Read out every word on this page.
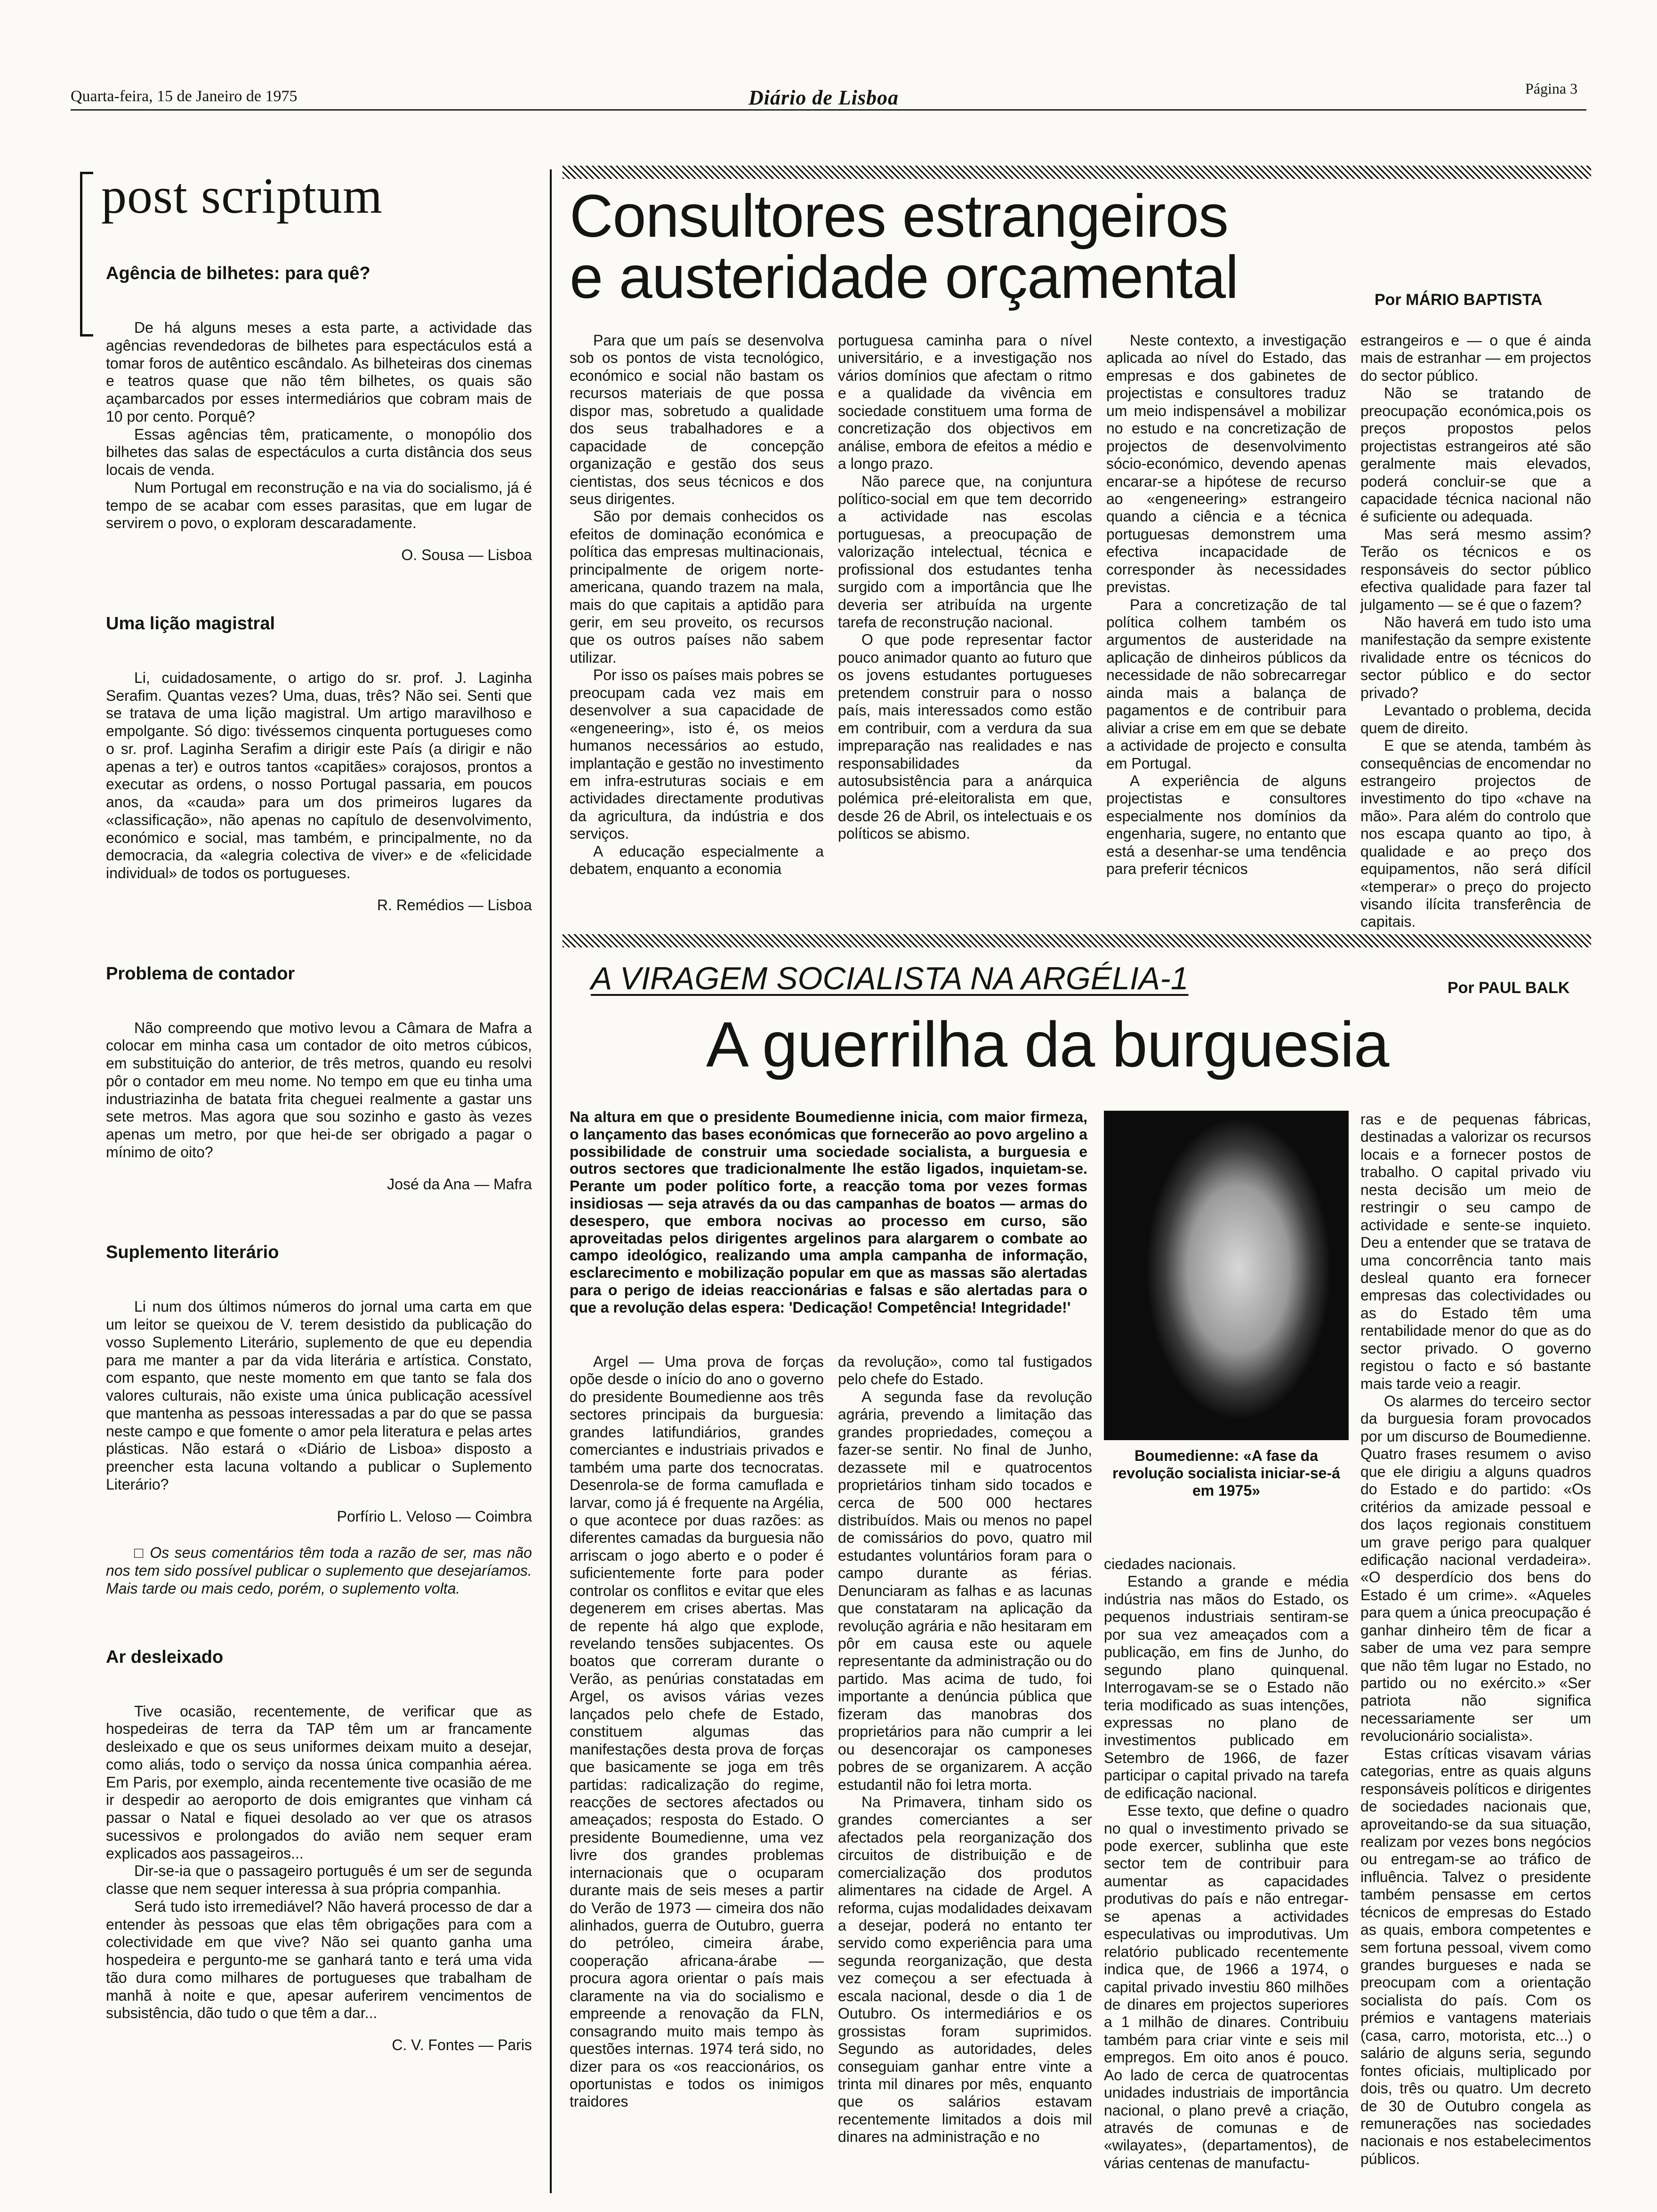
Quarta-feira, 15 de Janeiro de 1975	Diário de Lisboa	Página 3
post scriptum
Agência de bilhetes: para quê?

De há alguns meses a esta parte, a actividade das agências revendedoras de bilhetes para espectáculos está a tomar foros de autêntico escândalo. As bilheteiras dos cinemas e teatros quase que não têm bilhetes, os quais são açambarcados por esses intermediários que cobram mais de 10 por cento. Porquê?

Essas agências têm, praticamente, o monopólio dos bilhetes das salas de espectáculos a curta distância dos seus locais de venda.

Num Portugal em reconstrução e na via do socialismo, já é tempo de se acabar com esses parasitas, que em lugar de servirem o povo, o exploram descaradamente.

O. Sousa — Lisboa

Uma lição magistral

Li, cuidadosamente, o artigo do sr. prof. J. Laginha Serafim. Quantas vezes? Uma, duas, três? Não sei. Senti que se tratava de uma lição magistral. Um artigo maravilhoso e empolgante. Só digo: tivéssemos cinquenta portugueses como o sr. prof. Laginha Serafim a dirigir este País (a dirigir e não apenas a ter) e outros tantos «capitães» corajosos, prontos a executar as ordens, o nosso Portugal passaria, em poucos anos, da «cauda» para um dos primeiros lugares da «classificação», não apenas no capítulo de desenvolvimento, económico e social, mas também, e principalmente, no da democracia, da «alegria colectiva de viver» e de «felicidade individual» de todos os portugueses.

R. Remédios — Lisboa

Problema de contador

Não compreendo que motivo levou a Câmara de Mafra a colocar em minha casa um contador de oito metros cúbicos, em substituição do anterior, de três metros, quando eu resolvi pôr o contador em meu nome. No tempo em que eu tinha uma industriazinha de batata frita cheguei realmente a gastar uns sete metros. Mas agora que sou sozinho e gasto às vezes apenas um metro, por que hei-de ser obrigado a pagar o mínimo de oito?

José da Ana — Mafra

Suplemento literário

Li num dos últimos números do jornal uma carta em que um leitor se queixou de V. terem desistido da publicação do vosso Suplemento Literário, suplemento de que eu dependia para me manter a par da vida literária e artística. Constato, com espanto, que neste momento em que tanto se fala dos valores culturais, não existe uma única publicação acessível que mantenha as pessoas interessadas a par do que se passa neste campo e que fomente o amor pela literatura e pelas artes plásticas. Não estará o «Diário de Lisboa» disposto a preencher esta lacuna voltando a publicar o Suplemento Literário?

Porfírio L. Veloso — Coimbra

□ Os seus comentários têm toda a razão de ser, mas não nos tem sido possível publicar o suplemento que desejaríamos. Mais tarde ou mais cedo, porém, o suplemento volta.

Ar desleixado

Tive ocasião, recentemente, de verificar que as hospedeiras de terra da TAP têm um ar francamente desleixado e que os seus uniformes deixam muito a desejar, como aliás, todo o serviço da nossa única companhia aérea. Em Paris, por exemplo, ainda recentemente tive ocasião de me ir despedir ao aeroporto de dois emigrantes que vinham cá passar o Natal e fiquei desolado ao ver que os atrasos sucessivos e prolongados do avião nem sequer eram explicados aos passageiros...

Dir-se-ia que o passageiro português é um ser de segunda classe que nem sequer interessa à sua própria companhia.

Será tudo isto irremediável? Não haverá processo de dar a entender às pessoas que elas têm obrigações para com a colectividade em que vive? Não sei quanto ganha uma hospedeira e pergunto-me se ganhará tanto e terá uma vida tão dura como milhares de portugueses que trabalham de manhã à noite e que, apesar auferirem vencimentos de subsistência, dão tudo o que têm a dar...

C. V. Fontes — Paris

Consultores estrangeiros
e austeridade orçamental	Por MÁRIO BAPTISTA

Para que um país se desenvolva sob os pontos de vista tecnológico, económico e social não bastam os recursos materiais de que possa dispor mas, sobretudo a qualidade dos seus trabalhadores e a capacidade de concepção organização e gestão dos seus cientistas, dos seus técnicos e dos seus dirigentes.

São por demais conhecidos os efeitos de dominação económica e política das empresas multinacionais, principalmente de origem norte-americana, quando trazem na mala, mais do que capitais a aptidão para gerir, em seu proveito, os recursos que os outros países não sabem utilizar.

Por isso os países mais pobres se preocupam cada vez mais em desenvolver a sua capacidade de «engeneering», isto é, os meios humanos necessários ao estudo, implantação e gestão no investimento em infra-estruturas sociais e em actividades directamente produtivas da agricultura, da indústria e dos serviços.

A educação especialmente a debatem, enquanto a economia

portuguesa caminha para o nível universitário, e a investigação nos vários domínios que afectam o ritmo e a qualidade da vivência em sociedade constituem uma forma de concretização dos objectivos em análise, embora de efeitos a médio e a longo prazo.

Não parece que, na conjuntura político-social em que tem decorrido a actividade nas escolas portuguesas, a preocupação de valorização intelectual, técnica e profissional dos estudantes tenha surgido com a importância que lhe deveria ser atribuída na urgente tarefa de reconstrução nacional.

O que pode representar factor pouco animador quanto ao futuro que os jovens estudantes portugueses pretendem construir para o nosso país, mais interessados como estão em contribuir, com a verdura da sua impreparação nas realidades e nas responsabilidades da autosubsistência para a anárquica polémica pré-eleitoralista em que, desde 26 de Abril, os intelectuais e os políticos se abismo.

Neste contexto, a investigação aplicada ao nível do Estado, das empresas e dos gabinetes de projectistas e consultores traduz um meio indispensável a mobilizar no estudo e na concretização de projectos de desenvolvimento sócio-económico, devendo apenas encarar-se a hipótese de recurso ao «engeneering» estrangeiro quando a ciência e a técnica portuguesas demonstrem uma efectiva incapacidade de corresponder às necessidades previstas.

Para a concretização de tal política colhem também os argumentos de austeridade na aplicação de dinheiros públicos da necessidade de não sobrecarregar ainda mais a balança de pagamentos e de contribuir para aliviar a crise em em que se debate a actividade de projecto e consulta em Portugal.

A experiência de alguns projectistas e consultores especialmente nos domínios da engenharia, sugere, no entanto que está a desenhar-se uma tendência para preferir técnicos

estrangeiros e — o que é ainda mais de estranhar — em projectos do sector público.

Não se tratando de preocupação económica,pois os preços propostos pelos projectistas estrangeiros até são geralmente mais elevados, poderá concluir-se que a capacidade técnica nacional não é suficiente ou adequada.

Mas será mesmo assim? Terão os técnicos e os responsáveis do sector público efectiva qualidade para fazer tal julgamento — se é que o fazem?

Não haverá em tudo isto uma manifestação da sempre existente rivalidade entre os técnicos do sector público e do sector privado?

Levantado o problema, decida quem de direito.

E que se atenda, também às consequências de encomendar no estrangeiro projectos de investimento do tipo «chave na mão». Para além do controlo que nos escapa quanto ao tipo, à qualidade e ao preço dos equipamentos, não será difícil «temperar» o preço do projecto visando ilícita transferência de capitais.

A VIRAGEM SOCIALISTA NA ARGÉLIA-1	Por PAUL BALK
A guerrilha da burguesia
Na altura em que o presidente Boumedienne inicia, com maior firmeza, o lançamento das bases económicas que fornecerão ao povo argelino a possibilidade de construir uma sociedade socialista, a burguesia e outros sectores que tradicionalmente lhe estão ligados, inquietam-se. Perante um poder político forte, a reacção toma por vezes formas insidiosas — seja através da ou das campanhas de boatos — armas do desespero, que embora nocivas ao processo em curso, são aproveitadas pelos dirigentes argelinos para alargarem o combate ao campo ideológico, realizando uma ampla campanha de informação, esclarecimento e mobilização popular em que as massas são alertadas para o perigo de ideias reaccionárias e falsas e são alertadas para o que a revolução delas espera: 'Dedicação! Competência! Integridade!'
Boumedienne: «A fase da revolução socialista iniciar-se-á em 1975»

Argel — Uma prova de forças opõe desde o início do ano o governo do presidente Boumedienne aos três sectores principais da burguesia: grandes latifundiários, grandes comerciantes e industriais privados e também uma parte dos tecnocratas. Desenrola-se de forma camuflada e larvar, como já é frequente na Argélia, o que acontece por duas razões: as diferentes camadas da burguesia não arriscam o jogo aberto e o poder é suficientemente forte para poder controlar os conflitos e evitar que eles degenerem em crises abertas. Mas de repente há algo que explode, revelando tensões subjacentes. Os boatos que correram durante o Verão, as penúrias constatadas em Argel, os avisos várias vezes lançados pelo chefe de Estado, constituem algumas das manifestações desta prova de forças que basicamente se joga em três partidas: radicalização do regime, reacções de sectores afectados ou ameaçados; resposta do Estado. O presidente Boumedienne, uma vez livre dos grandes problemas internacionais que o ocuparam durante mais de seis meses a partir do Verão de 1973 — cimeira dos não alinhados, guerra de Outubro, guerra do petróleo, cimeira árabe, cooperação africana-árabe — procura agora orientar o país mais claramente na via do socialismo e empreende a renovação da FLN, consagrando muito mais tempo às questões internas. 1974 terá sido, no dizer para os «os reaccionários, os oportunistas e todos os inimigos traidores

da revolução», como tal fustigados pelo chefe do Estado.

A segunda fase da revolução agrária, prevendo a limitação das grandes propriedades, começou a fazer-se sentir. No final de Junho, dezassete mil e quatrocentos proprietários tinham sido tocados e cerca de 500 000 hectares distribuídos. Mais ou menos no papel de comissários do povo, quatro mil estudantes voluntários foram para o campo durante as férias. Denunciaram as falhas e as lacunas que constataram na aplicação da revolução agrária e não hesitaram em pôr em causa este ou aquele representante da administração ou do partido. Mas acima de tudo, foi importante a denúncia pública que fizeram das manobras dos proprietários para não cumprir a lei ou desencorajar os camponeses pobres de se organizarem. A acção estudantil não foi letra morta.

Na Primavera, tinham sido os grandes comerciantes a ser afectados pela reorganização dos circuitos de distribuição e de comercialização dos produtos alimentares na cidade de Argel. A reforma, cujas modalidades deixavam a desejar, poderá no entanto ter servido como experiência para uma segunda reorganização, que desta vez começou a ser efectuada à escala nacional, desde o dia 1 de Outubro. Os intermediários e os grossistas foram suprimidos. Segundo as autoridades, deles conseguiam ganhar entre vinte a trinta mil dinares por mês, enquanto que os salários estavam recentemente limitados a dois mil dinares na administração e no

ciedades nacionais.

Estando a grande e média indústria nas mãos do Estado, os pequenos industriais sentiram-se por sua vez ameaçados com a publicação, em fins de Junho, do segundo plano quinquenal. Interrogavam-se se o Estado não teria modificado as suas intenções, expressas no plano de investimentos publicado em Setembro de 1966, de fazer participar o capital privado na tarefa de edificação nacional.

Esse texto, que define o quadro no qual o investimento privado se pode exercer, sublinha que este sector tem de contribuir para aumentar as capacidades produtivas do país e não entregar-se apenas a actividades especulativas ou improdutivas. Um relatório publicado recentemente indica que, de 1966 a 1974, o capital privado investiu 860 milhões de dinares em projectos superiores a 1 milhão de dinares. Contribuiu também para criar vinte e seis mil empregos. Em oito anos é pouco. Ao lado de cerca de quatrocentas unidades industriais de importância nacional, o plano prevê a criação, através de comunas e de «wilayates», (departamentos), de várias centenas de manufactu-

ras e de pequenas fábricas, destinadas a valorizar os recursos locais e a fornecer postos de trabalho. O capital privado viu nesta decisão um meio de restringir o seu campo de actividade e sente-se inquieto. Deu a entender que se tratava de uma concorrência tanto mais desleal quanto era fornecer empresas das colectividades ou as do Estado têm uma rentabilidade menor do que as do sector privado. O governo registou o facto e só bastante mais tarde veio a reagir.

Os alarmes do terceiro sector da burguesia foram provocados por um discurso de Boumedienne. Quatro frases resumem o aviso que ele dirigiu a alguns quadros do Estado e do partido: «Os critérios da amizade pessoal e dos laços regionais constituem um grave perigo para qualquer edificação nacional verdadeira». «O desperdício dos bens do Estado é um crime». «Aqueles para quem a única preocupação é ganhar dinheiro têm de ficar a saber de uma vez para sempre que não têm lugar no Estado, no partido ou no exército.» «Ser patriota não significa necessariamente ser um revolucionário socialista».

Estas críticas visavam várias categorias, entre as quais alguns responsáveis políticos e dirigentes de sociedades nacionais que, aproveitando-se da sua situação, realizam por vezes bons negócios ou entregam-se ao tráfico de influência. Talvez o presidente também pensasse em certos técnicos de empresas do Estado as quais, embora competentes e sem fortuna pessoal, vivem como grandes burgueses e nada se preocupam com a orientação socialista do país. Com os prémios e vantagens materiais (casa, carro, motorista, etc...) o salário de alguns seria, segundo fontes oficiais, multiplicado por dois, três ou quatro. Um decreto de 30 de Outubro congela as remunerações nas sociedades nacionais e nos estabelecimentos públicos.
